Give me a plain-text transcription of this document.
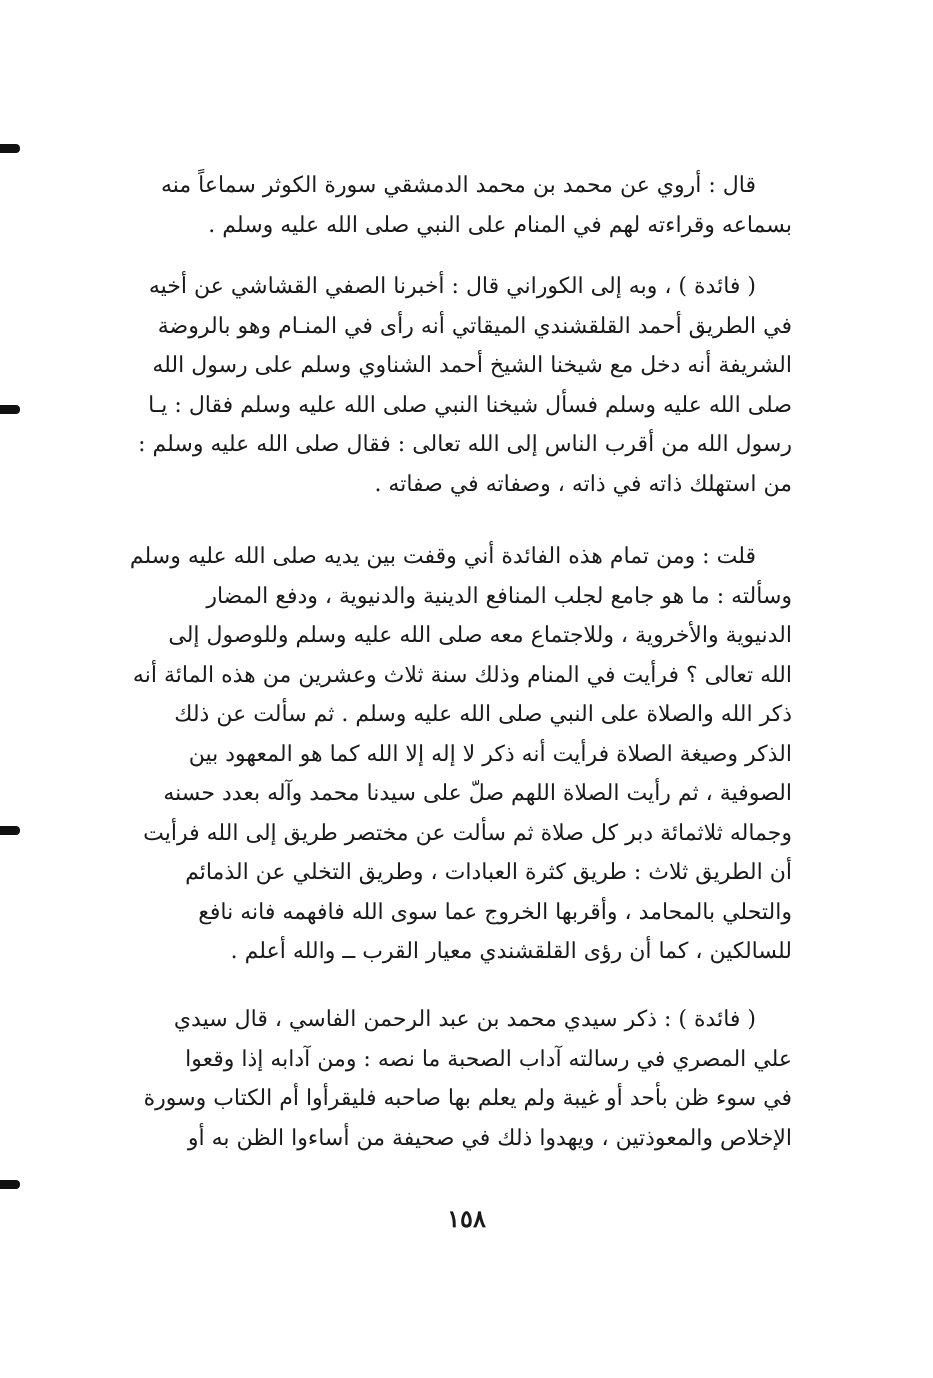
قال : أروي عن محمد بن محمد الدمشقي سورة الكوثر سماعاً منه
بسماعه وقراءته لهم في المنام على النبي صلى الله عليه وسلم .
( فائدة ) ، وبه إلى الكوراني قال : أخبرنا الصفي القشاشي عن أخيه
في الطريق أحمد القلقشندي الميقاتي أنه رأى في المنـام وهو بالروضة
الشريفة أنه دخل مع شيخنا الشيخ أحمد الشناوي وسلم على رسول الله
صلى الله عليه وسلم فسأل شيخنا النبي صلى الله عليه وسلم فقال : يـا
رسول الله من أقرب الناس إلى الله تعالى : فقال صلى الله عليه وسلم :
من استهلك ذاته في ذاته ، وصفاته في صفاته .
قلت : ومن تمام هذه الفائدة أني وقفت بين يديه صلى الله عليه وسلم
وسألته : ما هو جامع لجلب المنافع الدينية والدنيوية ، ودفع المضار
الدنيوية والأخروية ، وللاجتماع معه صلى الله عليه وسلم وللوصول إلى
الله تعالى ؟ فرأيت في المنام وذلك سنة ثلاث وعشرين من هذه المائة أنه
ذكر الله والصلاة على النبي صلى الله عليه وسلم . ثم سألت عن ذلك
الذكر وصيغة الصلاة فرأيت أنه ذكر لا إله إلا الله كما هو المعهود بين
الصوفية ، ثم رأيت الصلاة اللهم صلّ على سيدنا محمد وآله بعدد حسنه
وجماله ثلاثمائة دبر كل صلاة ثم سألت عن مختصر طريق إلى الله فرأيت
أن الطريق ثلاث : طريق كثرة العبادات ، وطريق التخلي عن الذمائم
والتحلي بالمحامد ، وأقربها الخروج عما سوى الله فافهمه فانه نافع
للسالكين ، كما أن رؤى القلقشندي معيار القرب ــ والله أعلم .
( فائدة ) : ذكر سيدي محمد بن عبد الرحمن الفاسي ، قال سيدي
علي المصري في رسالته آداب الصحبة ما نصه : ومن آدابه إذا وقعوا
في سوء ظن بأحد أو غيبة ولم يعلم بها صاحبه فليقرأوا أم الكتاب وسورة
الإخلاص والمعوذتين ، ويهدوا ذلك في صحيفة من أساءوا الظن به أو
١٥٨
